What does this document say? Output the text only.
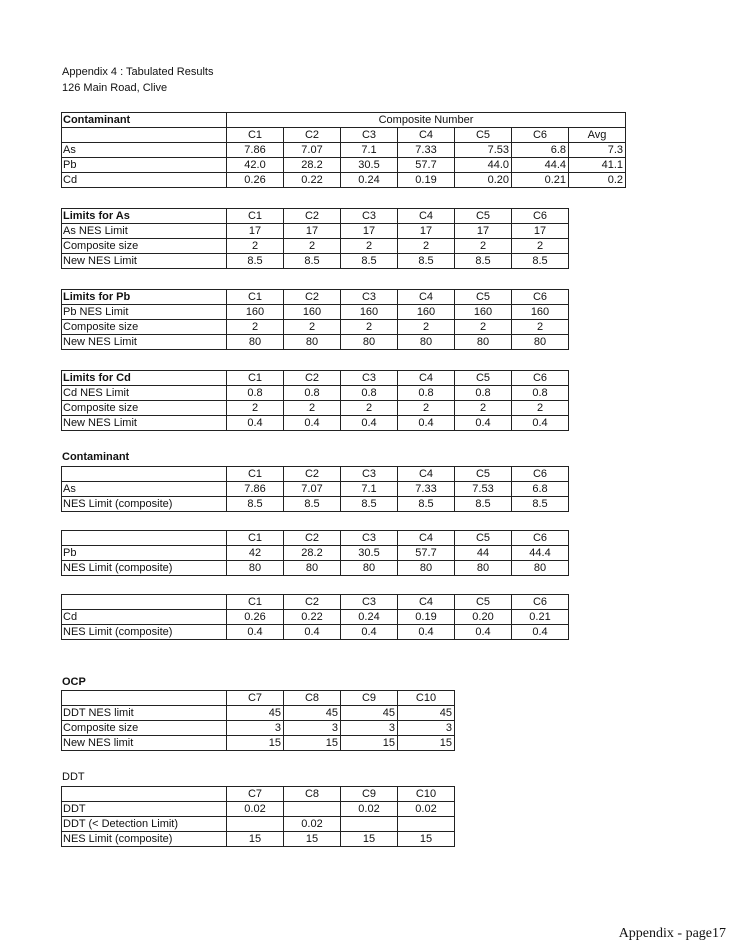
Appendix 4 : Tabulated Results
126 Main Road, Clive
Contaminant	Composite Number						
	C1	C2	C3	C4	C5	C6	Avg
As	7.86	7.07	7.1	7.33	7.53	6.8	7.3
Pb	42.0	28.2	30.5	57.7	44.0	44.4	41.1
Cd	0.26	0.22	0.24	0.19	0.20	0.21	0.2
Limits for As	C1	C2	C3	C4	C5	C6
As NES Limit	17	17	17	17	17	17
Composite size	2	2	2	2	2	2
New NES Limit	8.5	8.5	8.5	8.5	8.5	8.5
Limits for Pb	C1	C2	C3	C4	C5	C6
Pb NES Limit	160	160	160	160	160	160
Composite size	2	2	2	2	2	2
New NES Limit	80	80	80	80	80	80
Limits for Cd	C1	C2	C3	C4	C5	C6
Cd NES Limit	0.8	0.8	0.8	0.8	0.8	0.8
Composite size	2	2	2	2	2	2
New NES Limit	0.4	0.4	0.4	0.4	0.4	0.4
Contaminant
	C1	C2	C3	C4	C5	C6
As	7.86	7.07	7.1	7.33	7.53	6.8
NES Limit (composite)	8.5	8.5	8.5	8.5	8.5	8.5
	C1	C2	C3	C4	C5	C6
Pb	42	28.2	30.5	57.7	44	44.4
NES Limit (composite)	80	80	80	80	80	80
	C1	C2	C3	C4	C5	C6
Cd	0.26	0.22	0.24	0.19	0.20	0.21
NES Limit (composite)	0.4	0.4	0.4	0.4	0.4	0.4
OCP
	C7	C8	C9	C10
DDT NES limit	45	45	45	45
Composite size	3	3	3	3
New NES limit	15	15	15	15
DDT
	C7	C8	C9	C10
DDT	0.02		0.02	0.02
DDT (< Detection Limit)		0.02		
NES Limit (composite)	15	15	15	15
Appendix - page17
